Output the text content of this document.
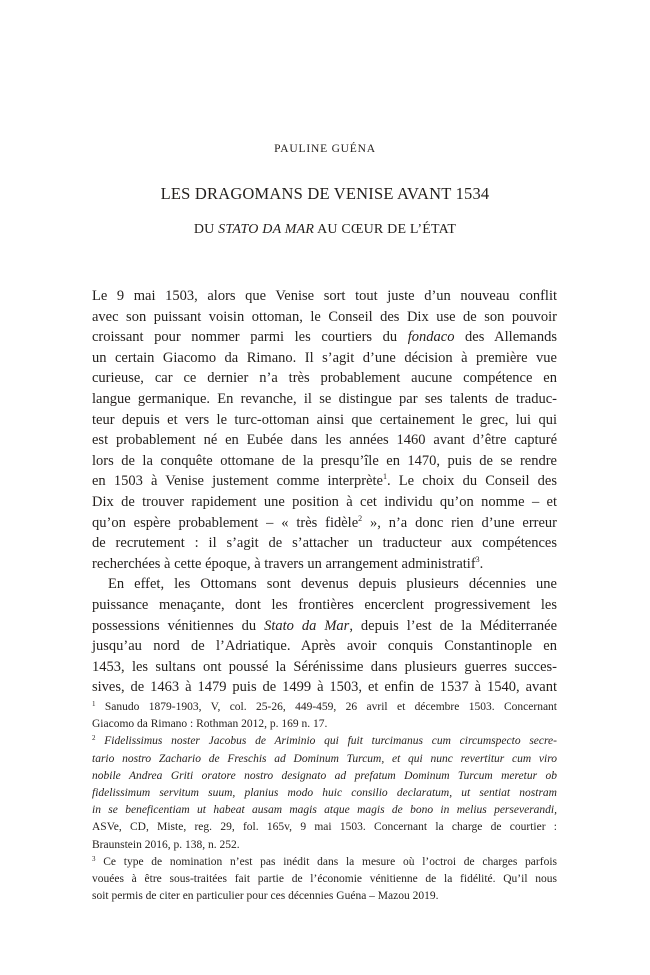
PAULINE GUÉNA
LES DRAGOMANS DE VENISE AVANT 1534
DU STATO DA MAR AU CŒUR DE L’ÉTAT

Le 9 mai 1503, alors que Venise sort tout juste d’un nouveau conflit
avec son puissant voisin ottoman, le Conseil des Dix use de son pouvoir
croissant pour nommer parmi les courtiers du fondaco des Allemands
un certain Giacomo da Rimano. Il s’agit d’une décision à première vue
curieuse, car ce dernier n’a très probablement aucune compétence en
langue germanique. En revanche, il se distingue par ses talents de traduc-
teur depuis et vers le turc-ottoman ainsi que certainement le grec, lui qui
est probablement né en Eubée dans les années 1460 avant d’être capturé
lors de la conquête ottomane de la presqu’île en 1470, puis de se rendre
en 1503 à Venise justement comme interprète$^1$. Le choix du Conseil des
Dix de trouver rapidement une position à cet individu qu’on nomme – et
qu’on espère probablement – « très fidèle$^2$ », n’a donc rien d’une erreur
de recrutement : il s’agit de s’attacher un traducteur aux compétences
recherchées à cette époque, à travers un arrangement administratif$^3$.

En effet, les Ottomans sont devenus depuis plusieurs décennies une
puissance menaçante, dont les frontières encerclent progressivement les
possessions vénitiennes du Stato da Mar, depuis l’est de la Méditerranée
jusqu’au nord de l’Adriatique. Après avoir conquis Constantinople en
1453, les sultans ont poussé la Sérénissime dans plusieurs guerres succes-
sives, de 1463 à 1479 puis de 1499 à 1503, et enfin de 1537 à 1540, avant

$^1$ Sanudo 1879-1903, V, col. 25-26, 449-459, 26 avril et décembre 1503. Concernant
Giacomo da Rimano : Rothman 2012, p. 169 n. 17.
$^2$ Fidelissimus noster Jacobus de Ariminio qui fuit turcimanus cum circumspecto secre-
tario nostro Zachario de Freschis ad Dominum Turcum, et qui nunc revertitur cum viro
nobile Andrea Griti oratore nostro designato ad prefatum Dominum Turcum meretur ob
fidelissimum servitum suum, planius modo huic consilio declaratum, ut sentiat nostram
in se beneficentiam ut habeat ausam magis atque magis de bono in melius perseverandi,
ASVe, CD, Miste, reg. 29, fol. 165v, 9 mai 1503. Concernant la charge de courtier :
Braunstein 2016, p. 138, n. 252.
$^3$ Ce type de nomination n’est pas inédit dans la mesure où l’octroi de charges parfois
vouées à être sous-traitées fait partie de l’économie vénitienne de la fidélité. Qu’il nous
soit permis de citer en particulier pour ces décennies Guéna – Mazou 2019.
